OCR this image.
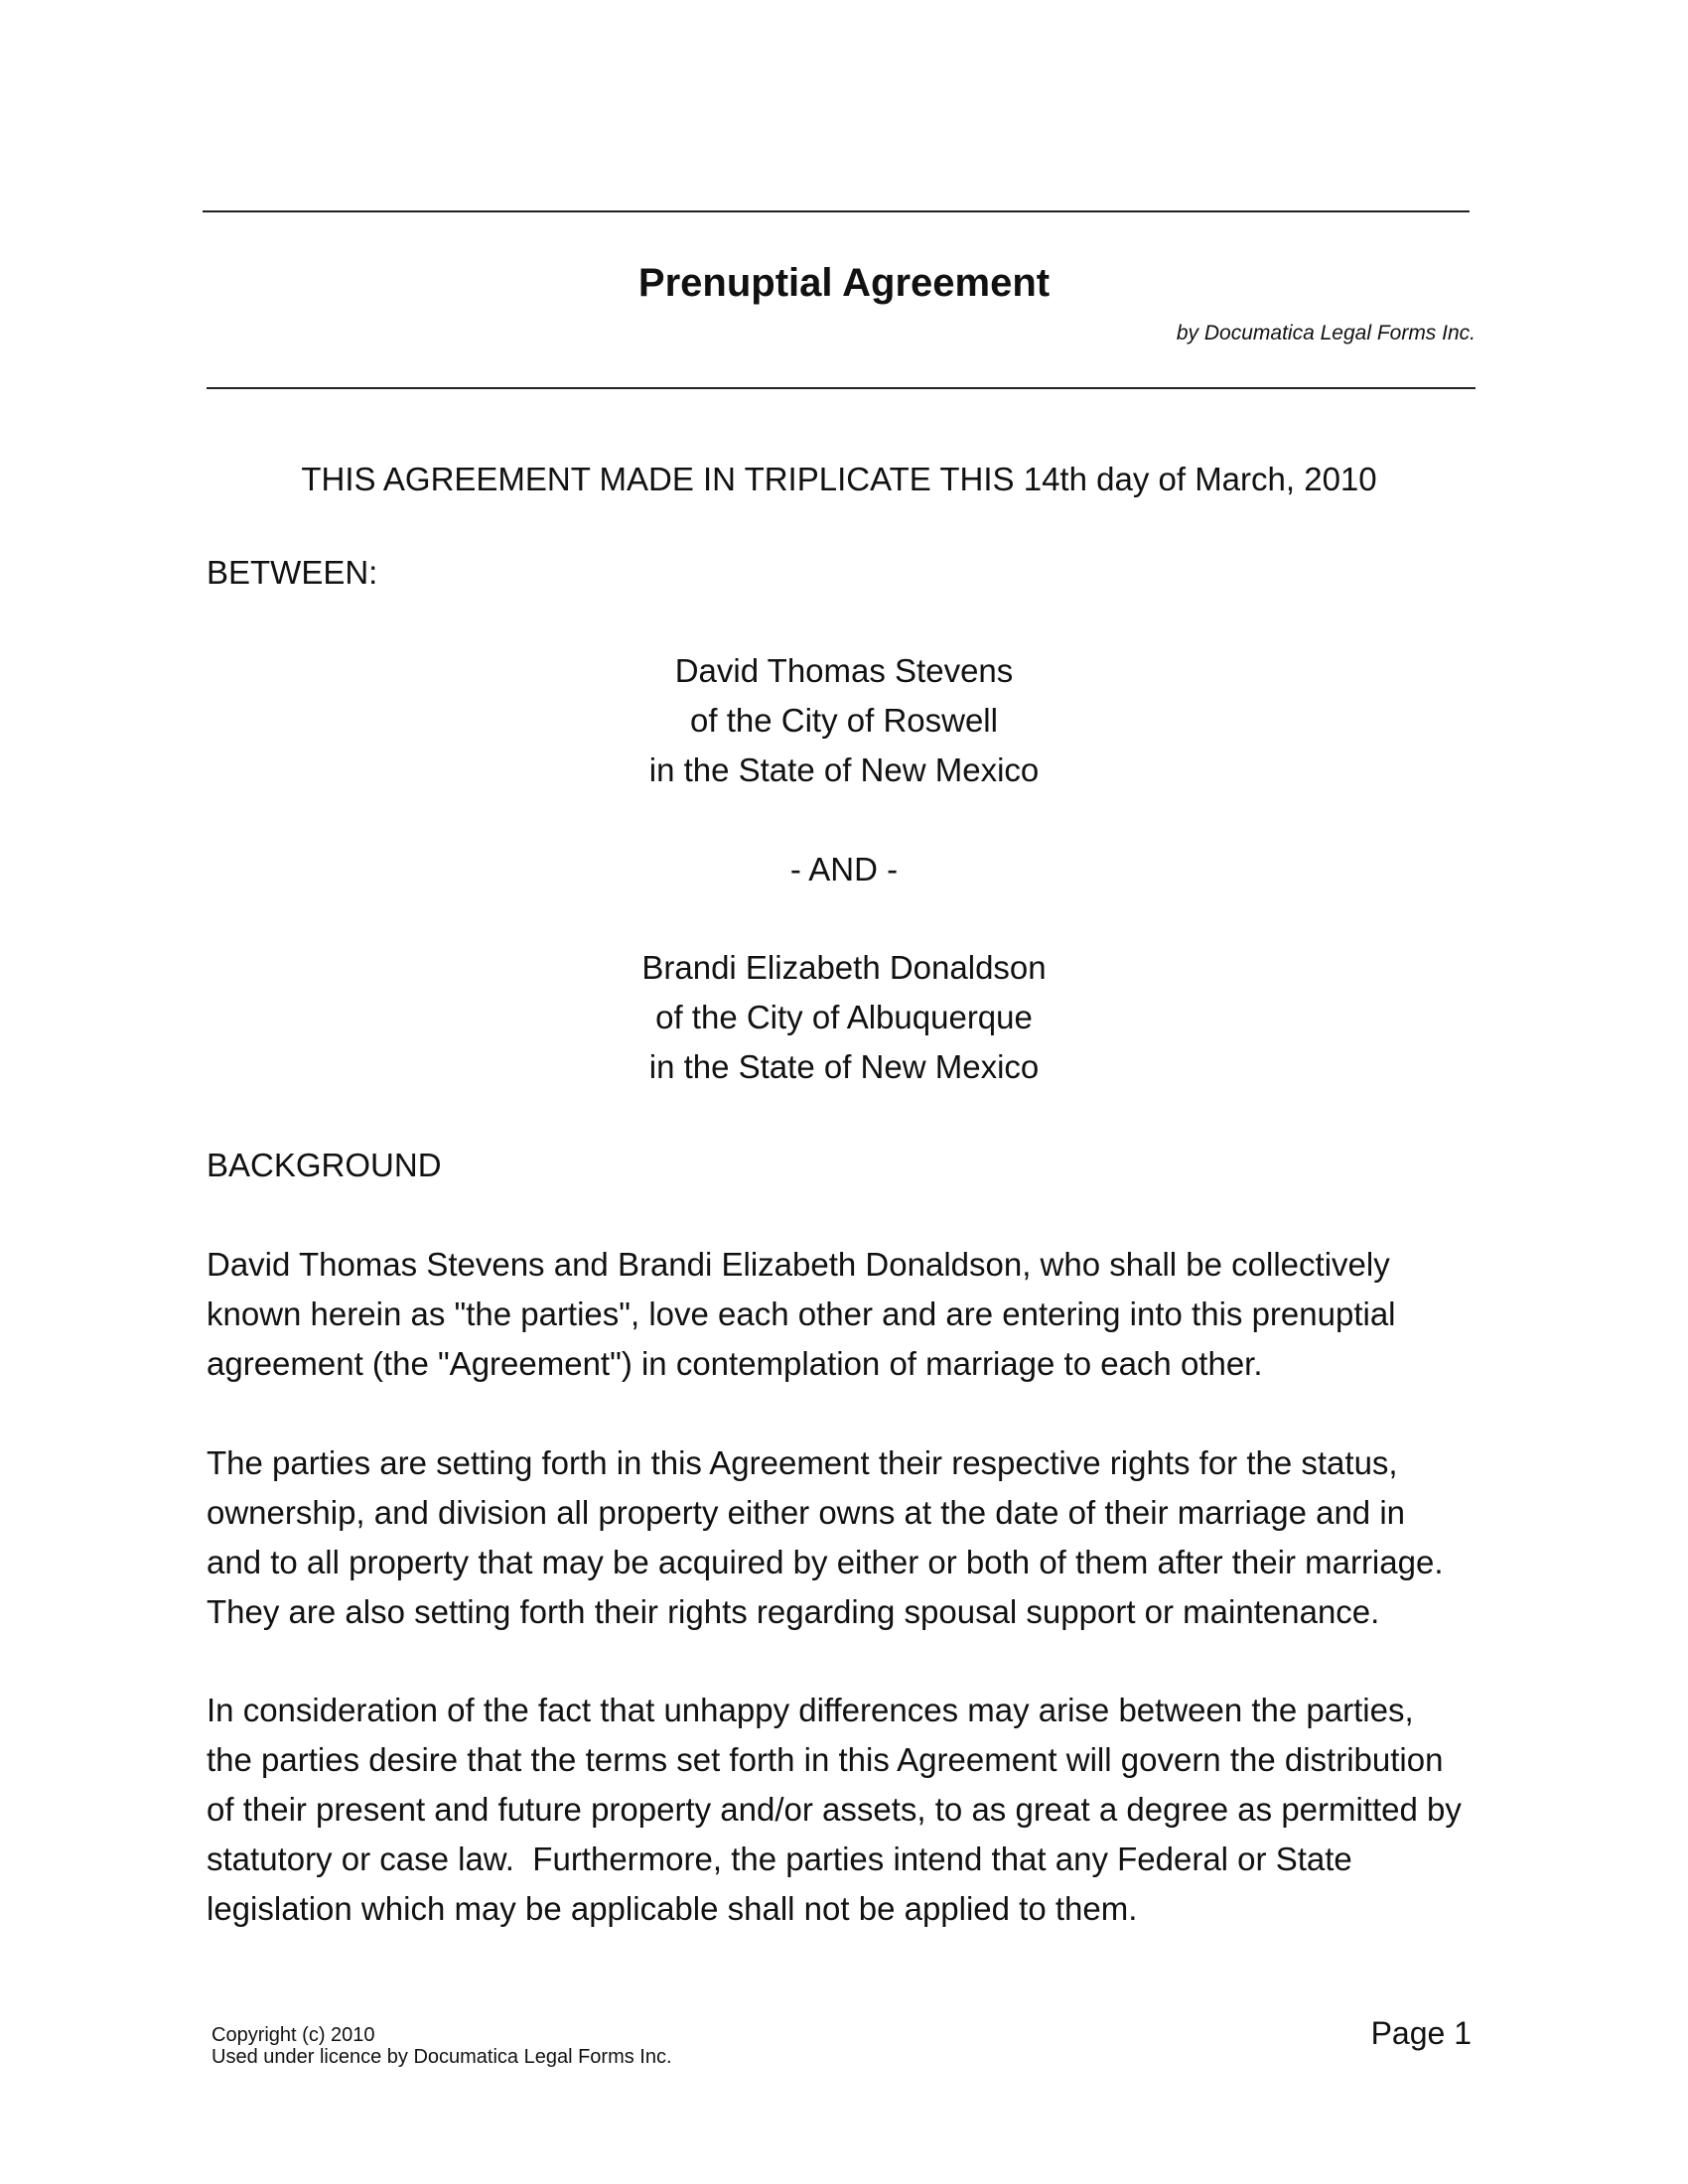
Prenuptial Agreement
by Documatica Legal Forms Inc.
THIS AGREEMENT MADE IN TRIPLICATE THIS 14th day of March, 2010
BETWEEN:
David Thomas Stevens
of the City of Roswell
in the State of New Mexico
- AND -
Brandi Elizabeth Donaldson
of the City of Albuquerque
in the State of New Mexico
BACKGROUND
David Thomas Stevens and Brandi Elizabeth Donaldson, who shall be collectively
known herein as "the parties", love each other and are entering into this prenuptial
agreement (the "Agreement") in contemplation of marriage to each other.
The parties are setting forth in this Agreement their respective rights for the status,
ownership, and division all property either owns at the date of their marriage and in
and to all property that may be acquired by either or both of them after their marriage.
They are also setting forth their rights regarding spousal support or maintenance.
In consideration of the fact that unhappy differences may arise between the parties,
the parties desire that the terms set forth in this Agreement will govern the distribution
of their present and future property and/or assets, to as great a degree as permitted by
statutory or case law.  Furthermore, the parties intend that any Federal or State
legislation which may be applicable shall not be applied to them.
Copyright (c) 2010
Used under licence by Documatica Legal Forms Inc.
Page 1
